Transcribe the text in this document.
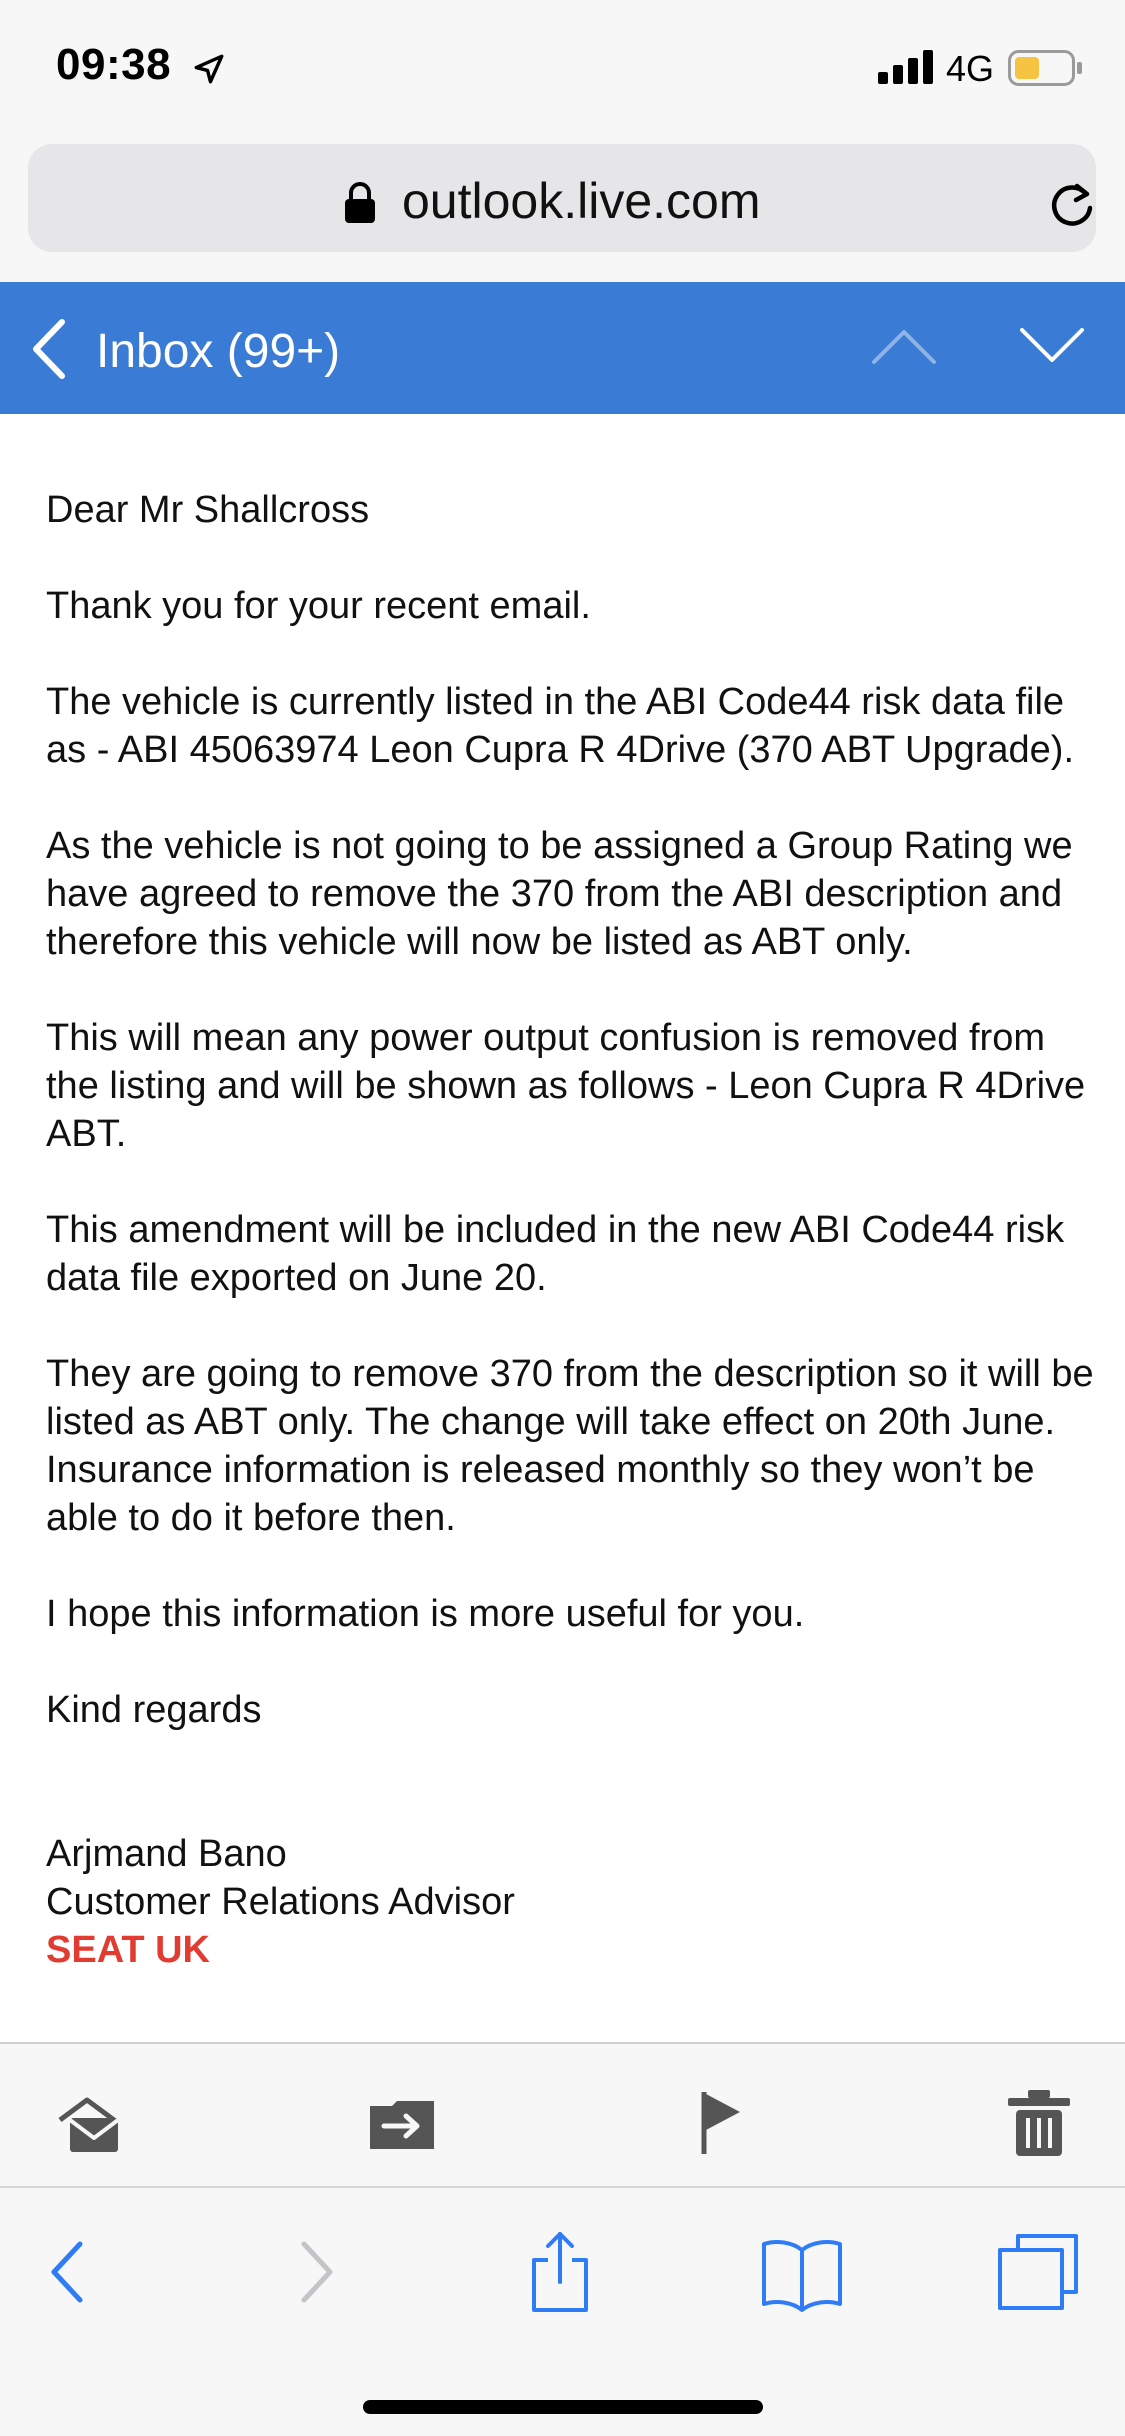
09:38	4G
outlook.live.com
Inbox (99+)

Dear Mr Shallcross

Thank you for your recent email.

The vehicle is currently listed in the ABI Code44 risk data file as - ABI 45063974 Leon Cupra R 4Drive (370 ABT Upgrade).

As the vehicle is not going to be assigned a Group Rating we have agreed to remove the 370 from the ABI description and therefore this vehicle will now be listed as ABT only.

This will mean any power output confusion is removed from the listing and will be shown as follows - Leon Cupra R 4Drive ABT.

This amendment will be included in the new ABI Code44 risk data file exported on June 20.

They are going to remove 370 from the description so it will be listed as ABT only. The change will take effect on 20th June. Insurance information is released monthly so they won’t be able to do it before then.

I hope this information is more useful for you.

Kind regards

Arjmand Bano
Customer Relations Advisor
SEAT UK
